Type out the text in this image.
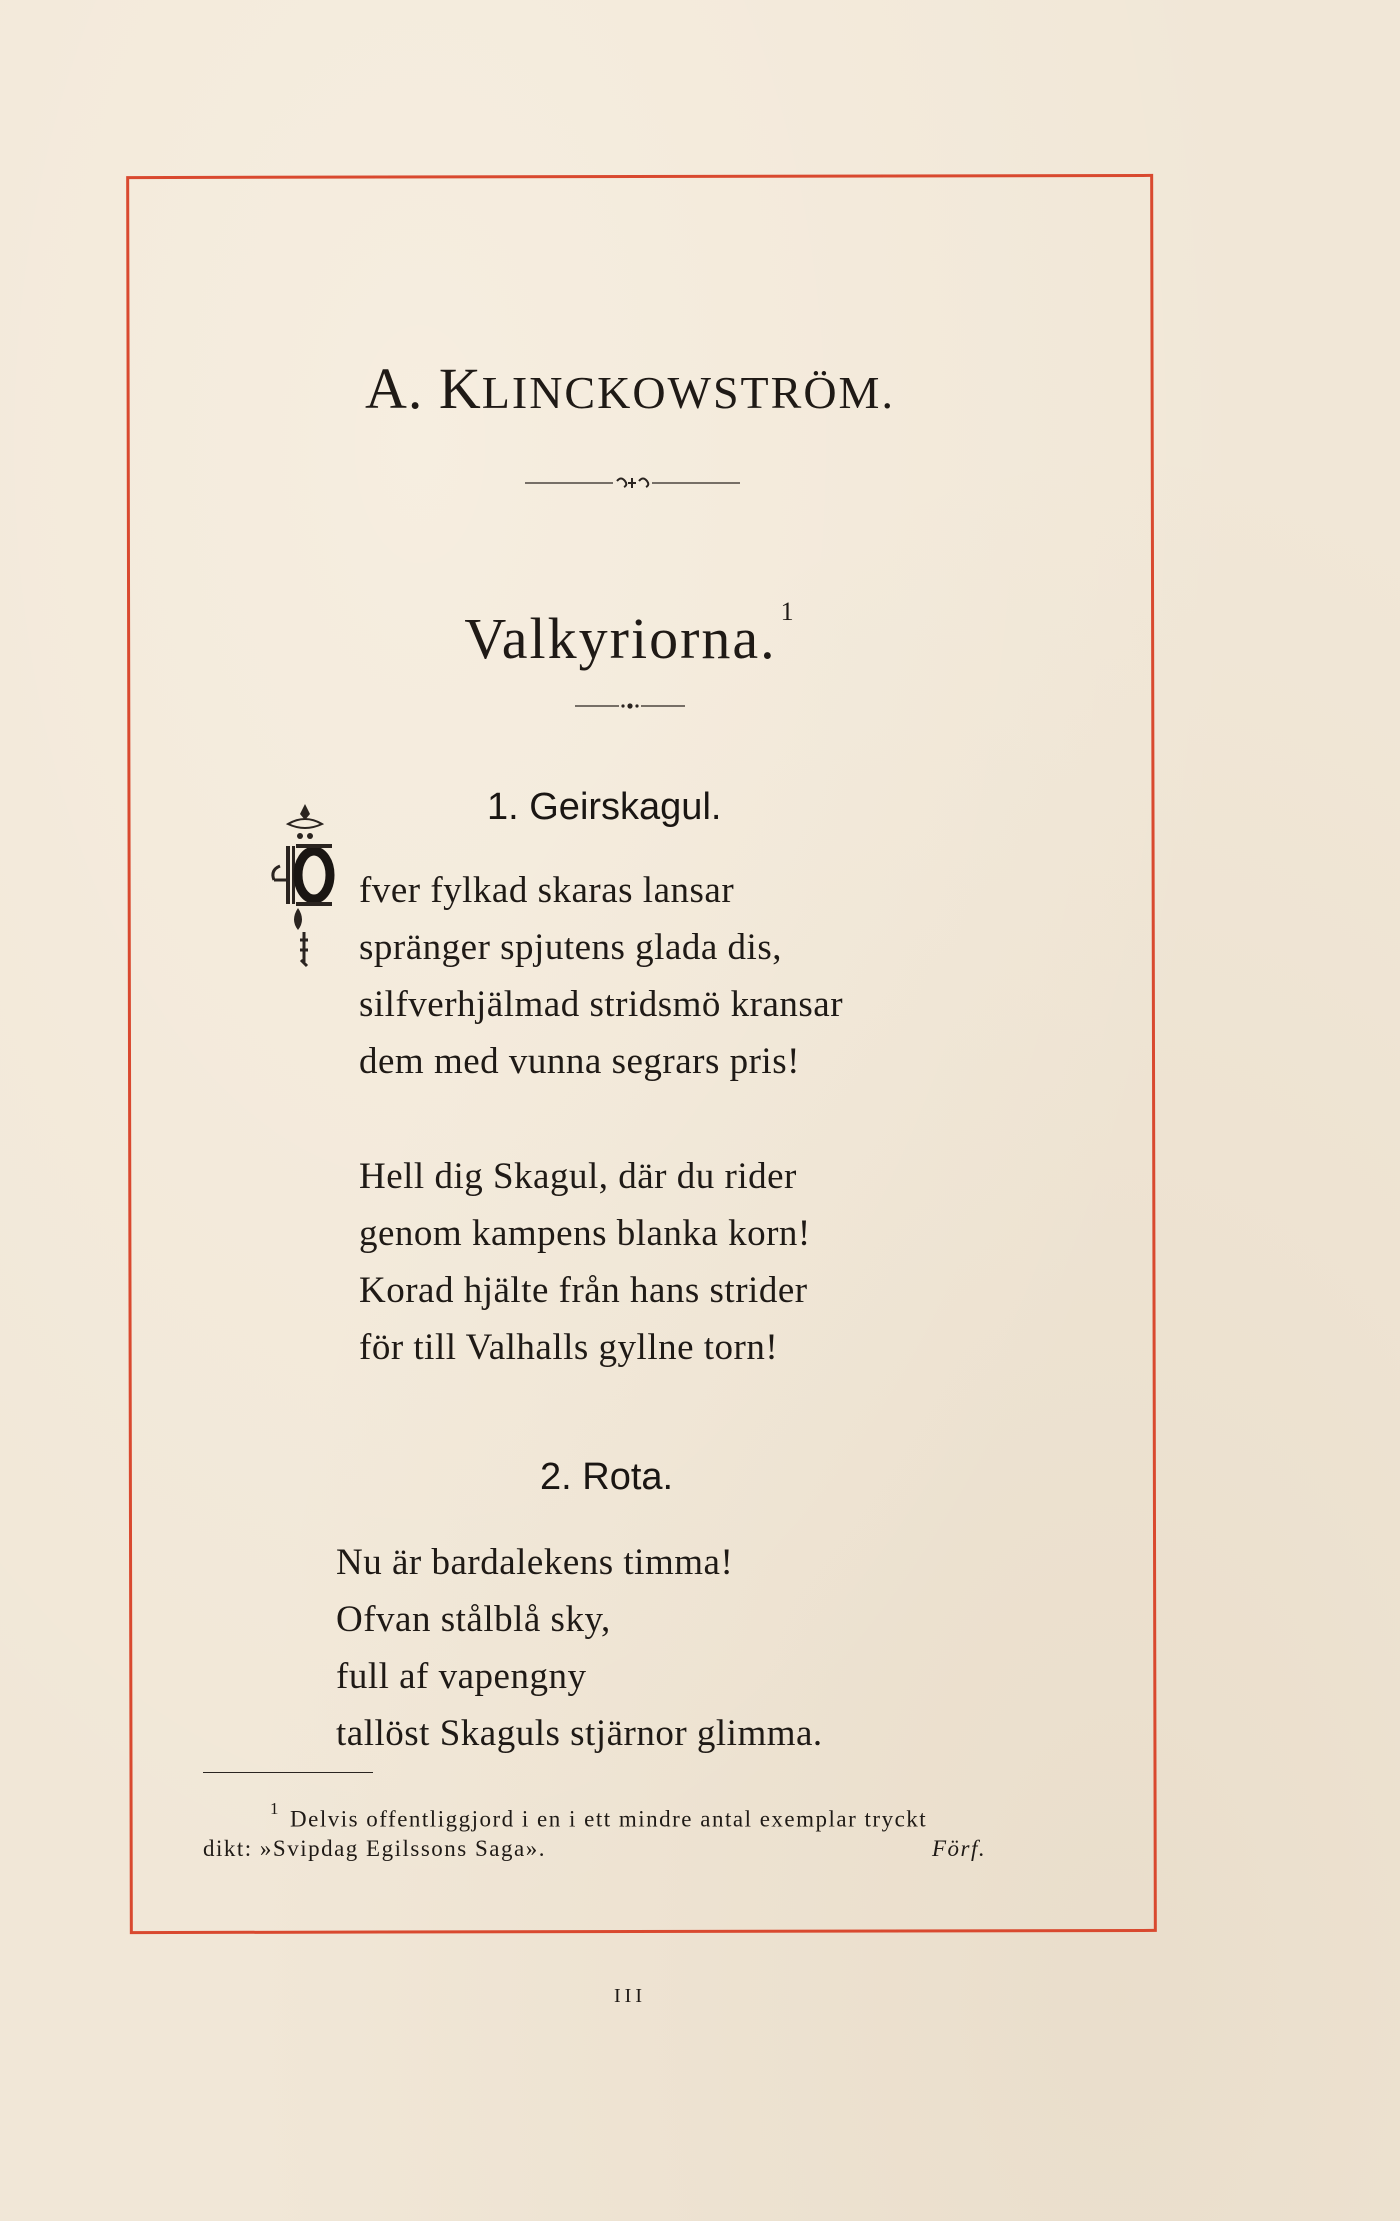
A. KLINCKOWSTRÖM.
Valkyriorna. $^1$
1. Geirskagul.
fver fylkad skaras lansar
spränger spjutens glada dis,
silfverhjälmad stridsmö kransar
dem med vunna segrars pris!
Hell dig Skagul, där du rider
genom kampens blanka korn!
Korad hjälte från hans strider
för till Valhalls gyllne torn!
2. Rota.
Nu är bardalekens timma!
Ofvan stålblå sky,
full af vapengny
tallöst Skaguls stjärnor glimma.
$^1$ Delvis offentliggjord i en i ett mindre antal exemplar tryckt
dikt: »Svipdag Egilssons Saga».	Förf.
III
